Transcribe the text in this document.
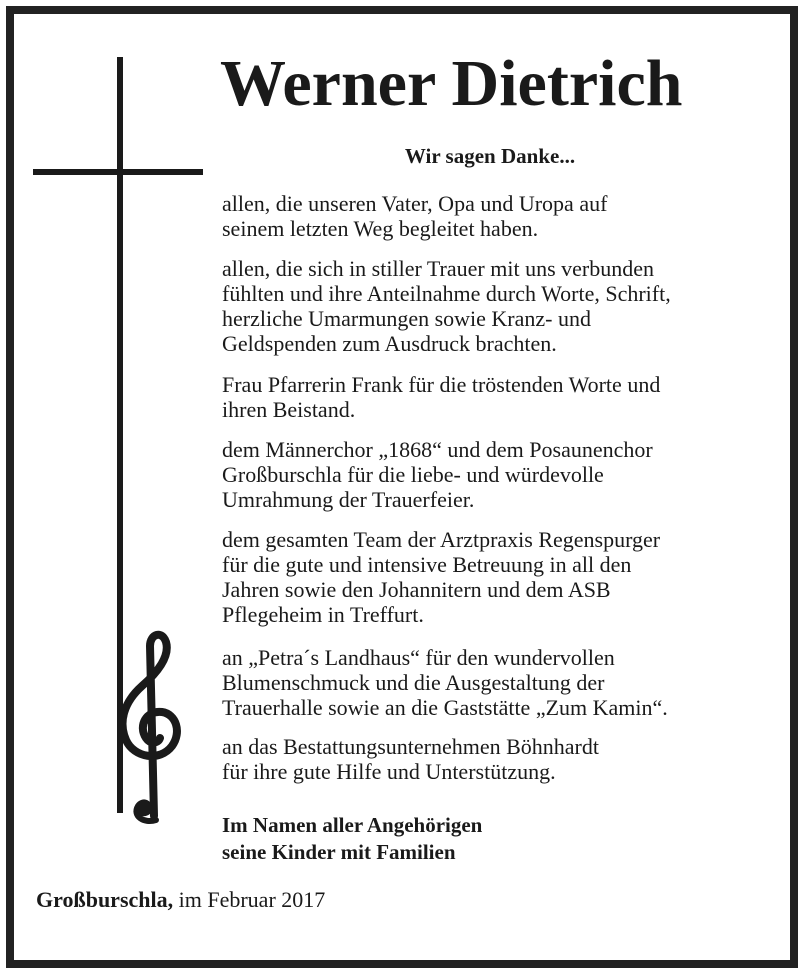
Werner Dietrich
Wir sagen Danke...
allen, die unseren Vater, Opa und Uropa auf
seinem letzten Weg begleitet haben.
allen, die sich in stiller Trauer mit uns verbunden
fühlten und ihre Anteilnahme durch Worte, Schrift,
herzliche Umarmungen sowie Kranz- und
Geldspenden zum Ausdruck brachten.
Frau Pfarrerin Frank für die tröstenden Worte und
ihren Beistand.
dem Männerchor „1868“ und dem Posaunenchor
Großburschla für die liebe- und würdevolle
Umrahmung der Trauerfeier.
dem gesamten Team der Arztpraxis Regenspurger
für die gute und intensive Betreuung in all den
Jahren sowie den Johannitern und dem ASB
Pflegeheim in Treffurt.
an „Petra´s Landhaus“ für den wundervollen
Blumenschmuck und die Ausgestaltung der
Trauerhalle sowie an die Gaststätte „Zum Kamin“.
an das Bestattungsunternehmen Böhnhardt
für ihre gute Hilfe und Unterstützung.
Im Namen aller Angehörigen
seine Kinder mit Familien
Großburschla, im Februar 2017
